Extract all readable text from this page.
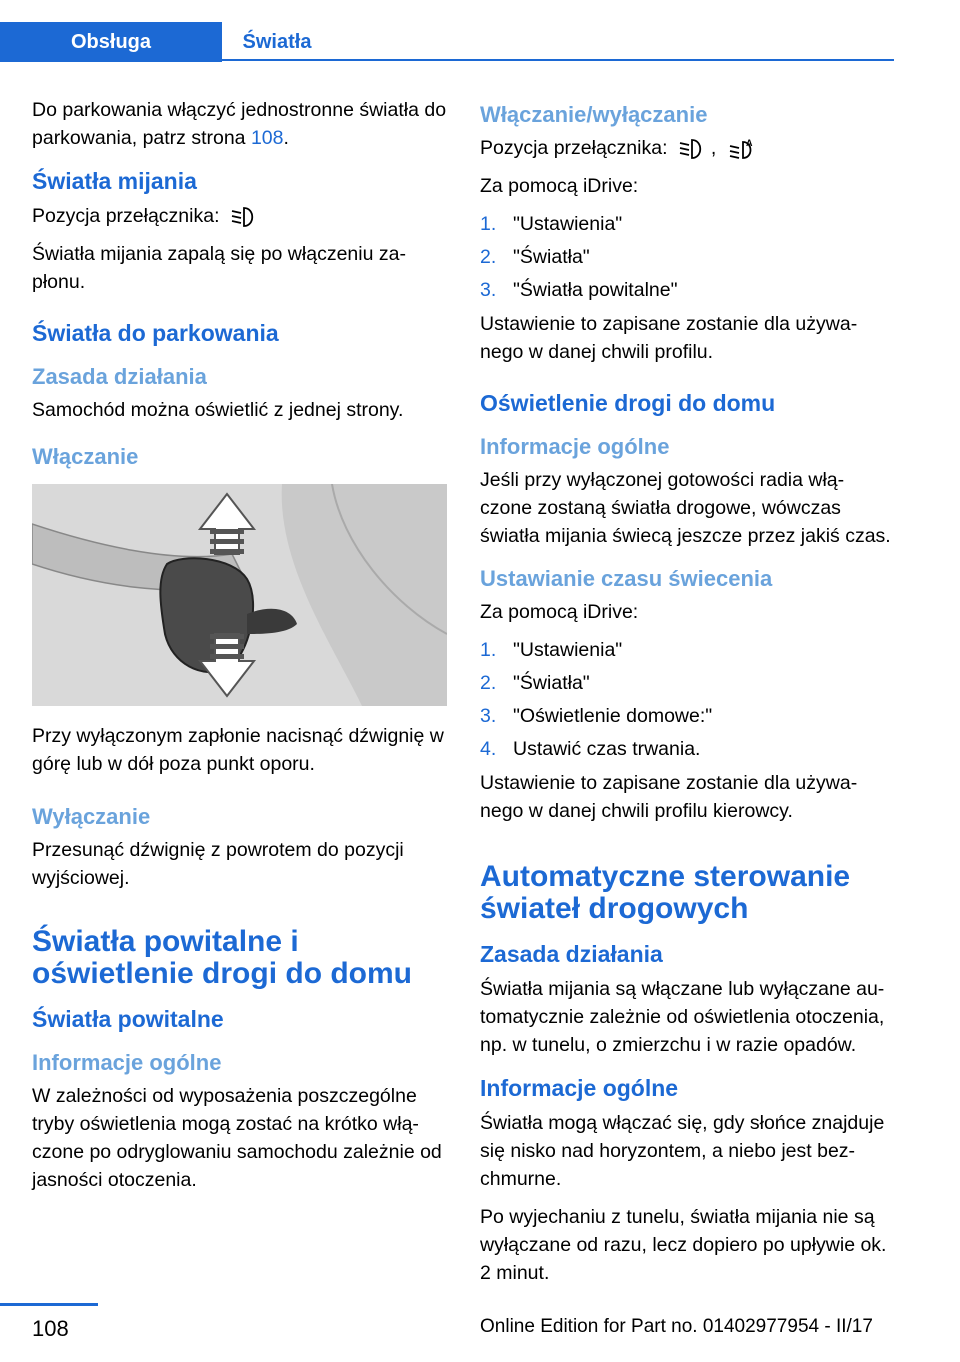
Obsługa	Światła

Do parkowania włączyć jednostronne światła do parkowania, patrz strona 108.

Światła mijania

Pozycja przełącznika:

Światła mijania zapalą się po włączeniu za‐płonu.

Światła do parkowania
Zasada działania

Samochód można oświetlić z jednej strony.

Włączanie

Przy wyłączonym zapłonie nacisnąć dźwignię w górę lub w dół poza punkt oporu.

Wyłączanie

Przesunąć dźwignię z powrotem do pozycji wyjściowej.

Światła powitalne i oświetlenie drogi do domu
Światła powitalne
Informacje ogólne

W zależności od wyposażenia poszczególne tryby oświetlenia mogą zostać na krótko włą‐czone po odryglowaniu samochodu zależnie od jasności otoczenia.

Włączanie/wyłączanie

Pozycja przełącznika: ,	A

Za pomocą iDrive:

1. "Ustawienia"
2. "Światła"
3. "Światła powitalne"

Ustawienie to zapisane zostanie dla używa‐nego w danej chwili profilu.

Oświetlenie drogi do domu
Informacje ogólne

Jeśli przy wyłączonej gotowości radia włą‐czone zostaną światła drogowe, wówczas światła mijania świecą jeszcze przez jakiś czas.

Ustawianie czasu świecenia

Za pomocą iDrive:

1. "Ustawienia"
2. "Światła"
3. "Oświetlenie domowe:"
4. Ustawić czas trwania.

Ustawienie to zapisane zostanie dla używa‐nego w danej chwili profilu kierowcy.

Automatyczne sterowanie świateł drogowych
Zasada działania

Światła mijania są włączane lub wyłączane au‐tomatycznie zależnie od oświetlenia otoczenia, np. w tunelu, o zmierzchu i w razie opadów.

Informacje ogólne

Światła mogą włączać się, gdy słońce znajduje się nisko nad horyzontem, a niebo jest bez‐chmurne.

Po wyjechaniu z tunelu, światła mijania nie są wyłączane od razu, lecz dopiero po upływie ok. 2 minut.

108	Online Edition for Part no. 01402977954 - II/17
